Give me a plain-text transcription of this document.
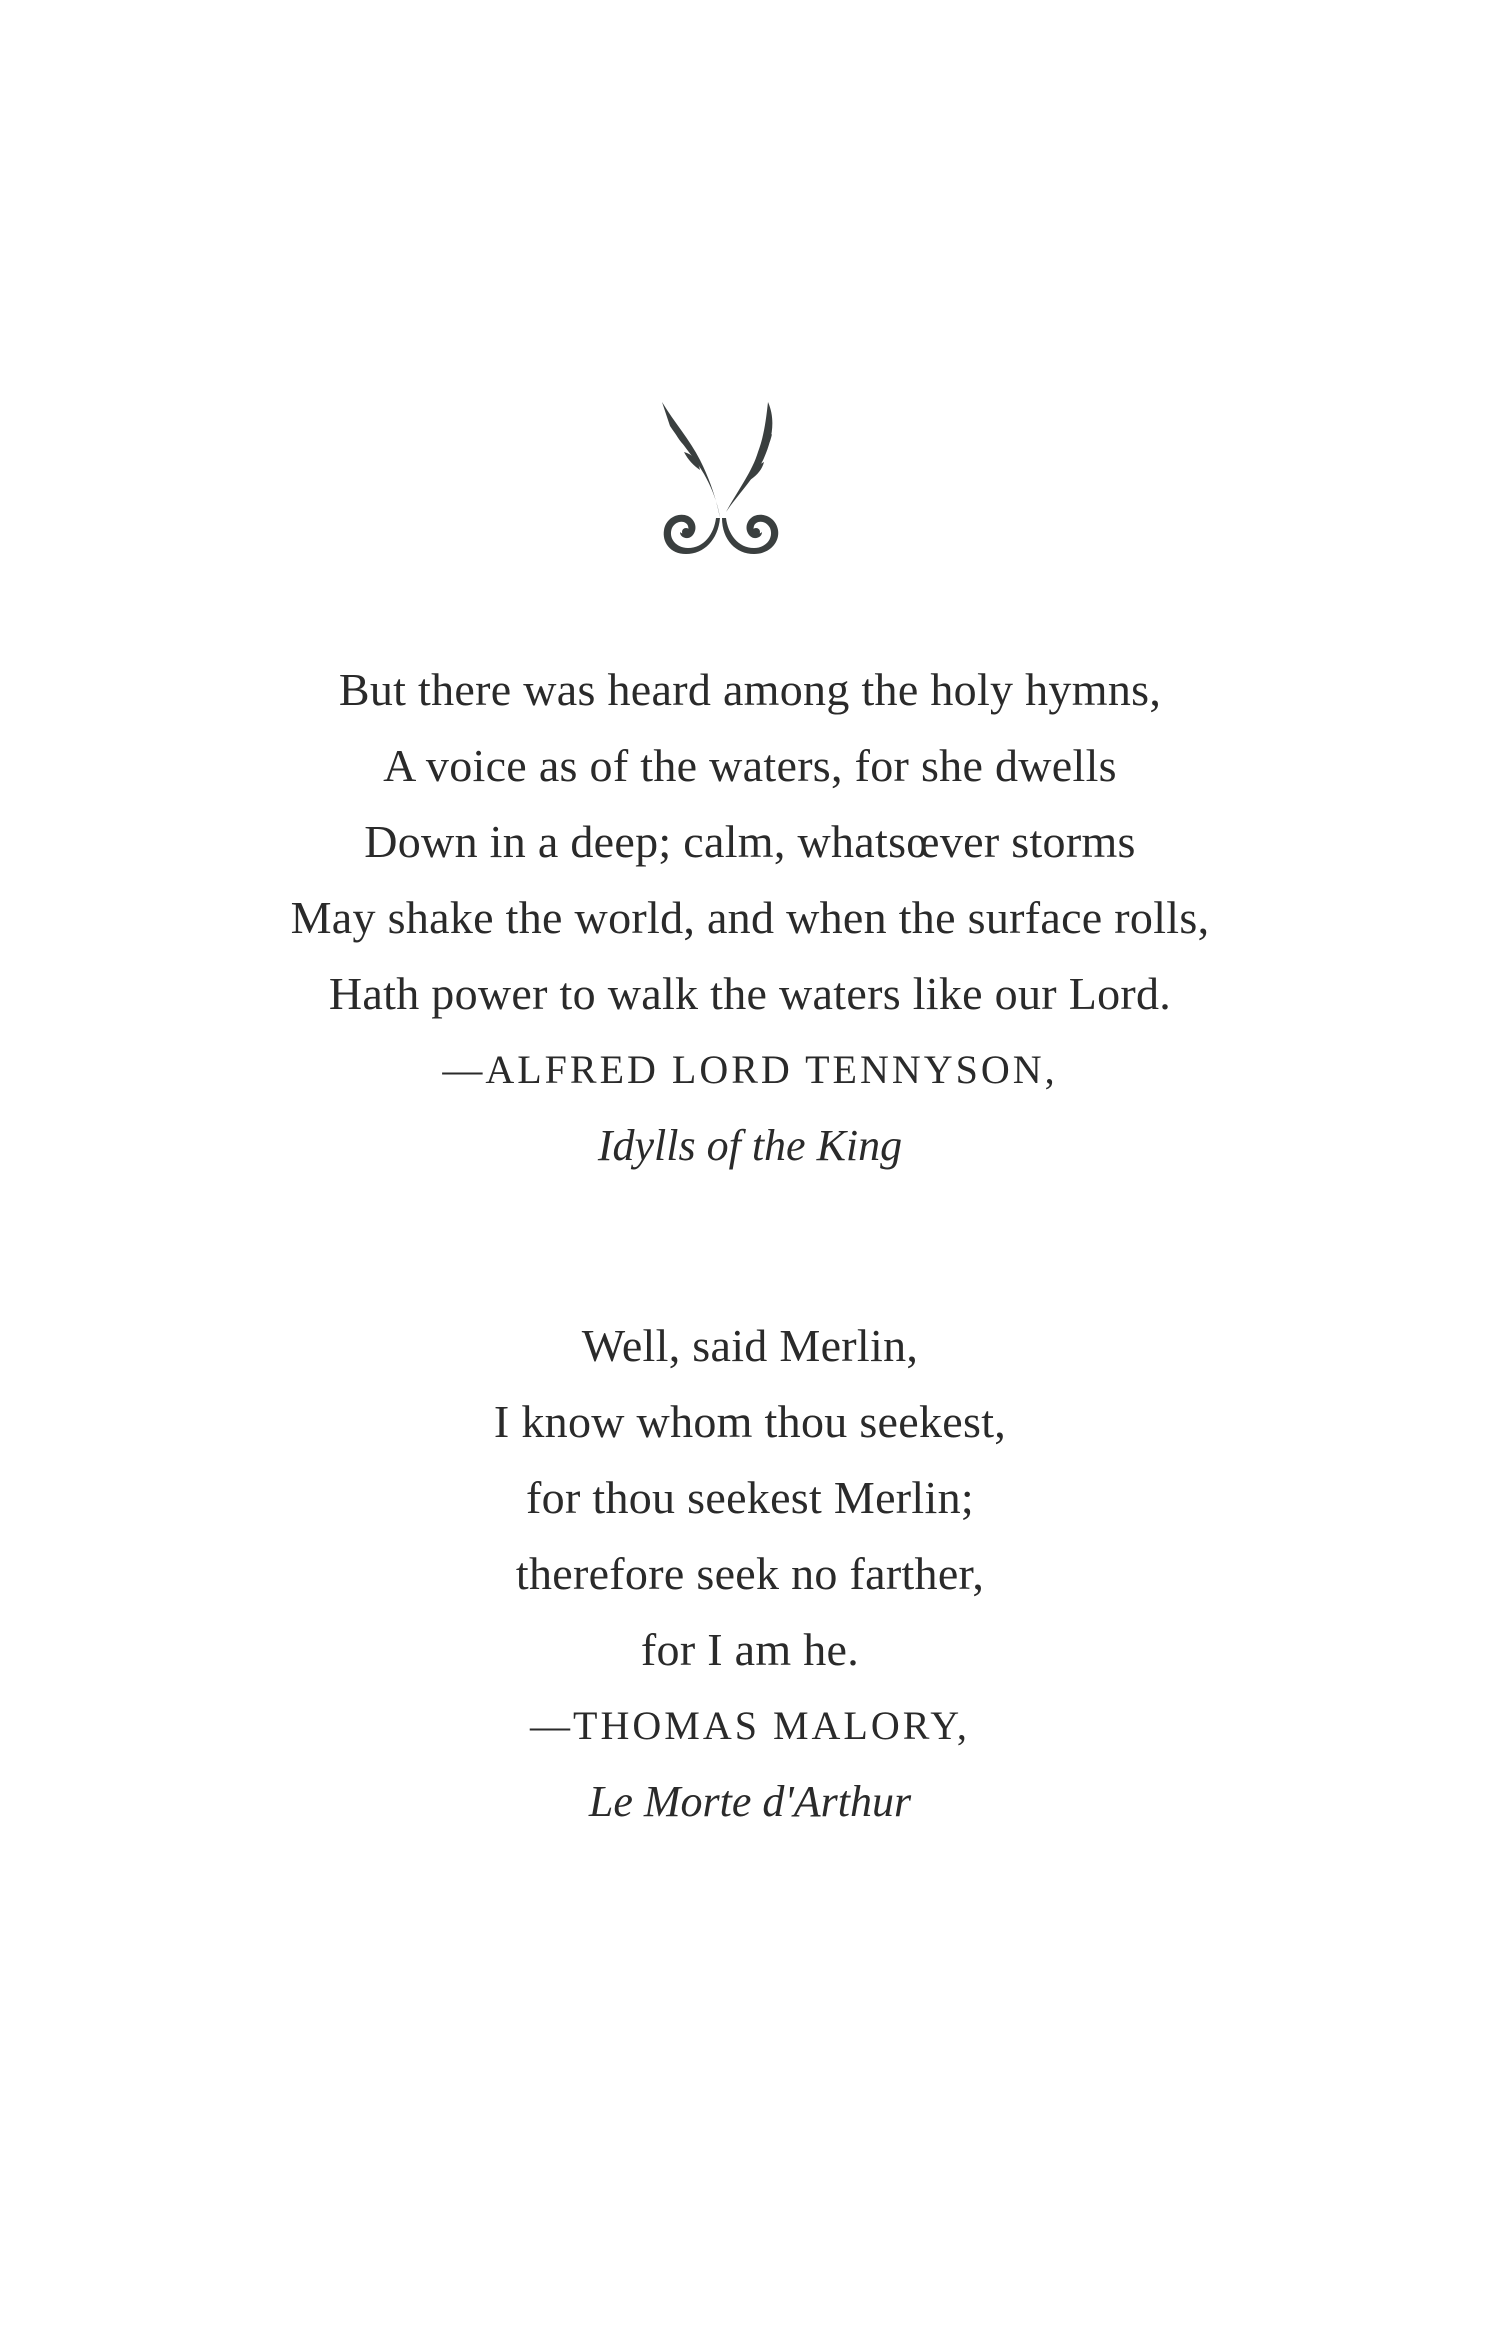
But there was heard among the holy hymns,
A voice as of the waters, for she dwells
Down in a deep; calm, whatsœver storms
May shake the world, and when the surface rolls,
Hath power to walk the waters like our Lord.
—ALFRED LORD TENNYSON,
Idylls of the King
Well, said Merlin,
I know whom thou seekest,
for thou seekest Merlin;
therefore seek no farther,
for I am he.
—THOMAS MALORY,
Le Morte d'Arthur
